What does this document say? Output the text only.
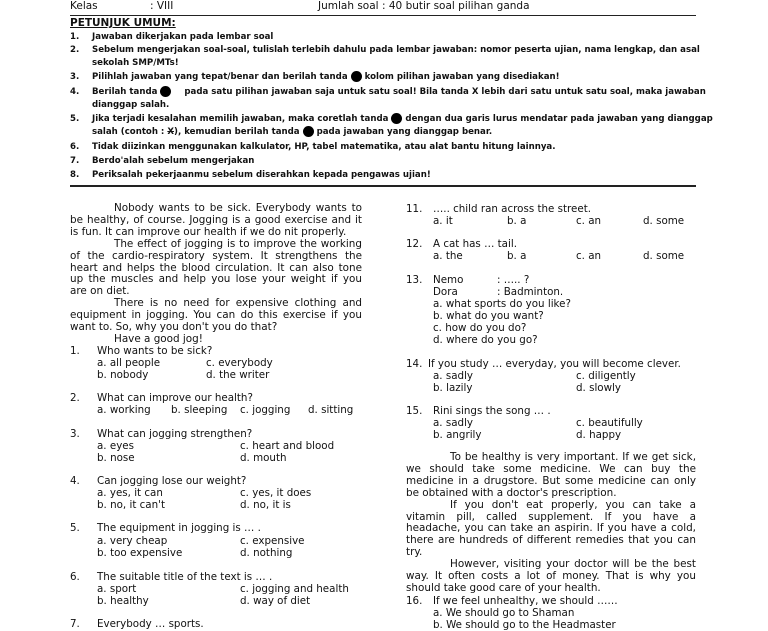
Kelas	: VIII	Jumlah soal : 40 butir soal pilihan ganda
PETUNJUK UMUM:
1. Jawaban dikerjakan pada lembar soal
2. Sebelum mengerjakan soal-soal, tulislah terlebih dahulu pada lembar jawaban: nomor peserta ujian, nama lengkap, dan asal
sekolah SMP/MTs!
3. Pilihlah jawaban yang tepat/benar dan berilah tanda kolom pilihan jawaban yang disediakan!
4. Berilah tanda	pada satu pilihan jawaban saja untuk satu soal! Bila tanda X lebih dari satu untuk satu soal, maka jawaban
dianggap salah.
5. Jika terjadi kesalahan memilih jawaban, maka coretlah tanda dengan dua garis lurus mendatar pada jawaban yang dianggap
salah (contoh : X), kemudian berilah tanda pada jawaban yang dianggap benar.
6. Tidak diizinkan menggunakan kalkulator, HP, tabel matematika, atau alat bantu hitung lainnya.
7. Berdo'alah sebelum mengerjakan
8. Periksalah pekerjaanmu sebelum diserahkan kepada pengawas ujian!

Nobody wants to be sick. Everybody wants to be healthy, of course. Jogging is a good exercise and it is fun. It can improve our health if we do nit properly.

The effect of jogging is to improve the working of the cardio-respiratory system. It strengthens the heart and helps the blood circulation. It can also tone up the muscles and help you lose your weight if you are on diet.

There is no need for expensive clothing and equipment in jogging. You can do this exercise if you want to. So, why you don't you do that?

Have a good jog!

1. Who wants to be sick?
a. all people	c. everybody
b. nobody	d. the writer
2. What can improve our health?
a. working b. sleeping c. jogging d. sitting
3. What can jogging strengthen?
a. eyes	c. heart and blood
b. nose	d. mouth
4. Can jogging lose our weight?
a. yes, it can	c. yes, it does
b. no, it can't	d. no, it is
5. The equipment in jogging is … .
a. very cheap	c. expensive
b. too expensive	d. nothing
6. The suitable title of the text is … .
a. sport	c. jogging and health
b. healthy	d. way of diet
7. Everybody … sports.
11. ….. child ran across the street.
a. it	b. a	c. an	d. some
12. A cat has … tail.
a. the	b. a	c. an	d. some
13. Nemo	: ….. ?
Dora	: Badminton.
a. what sports do you like?
b. what do you want?
c. how do you do?
d. where do you go?
14. If you study … everyday, you will become clever.
a. sadly	c. diligently
b. lazily	d. slowly
15. Rini sings the song … .
a. sadly	c. beautifully
b. angrily	d. happy

To be healthy is very important. If we get sick, we should take some medicine. We can buy the medicine in a drugstore. But some medicine can only be obtained with a doctor's prescription.

If you don't eat properly, you can take a vitamin pill, called supplement. If you have a headache, you can take an aspirin. If you have a cold, there are hundreds of different remedies that you can try.

However, visiting your doctor will be the best way. It often costs a lot of money. That is why you should take good care of your health.

16. If we feel unhealthy, we should ……
a. We should go to Shaman
b. We should go to the Headmaster
